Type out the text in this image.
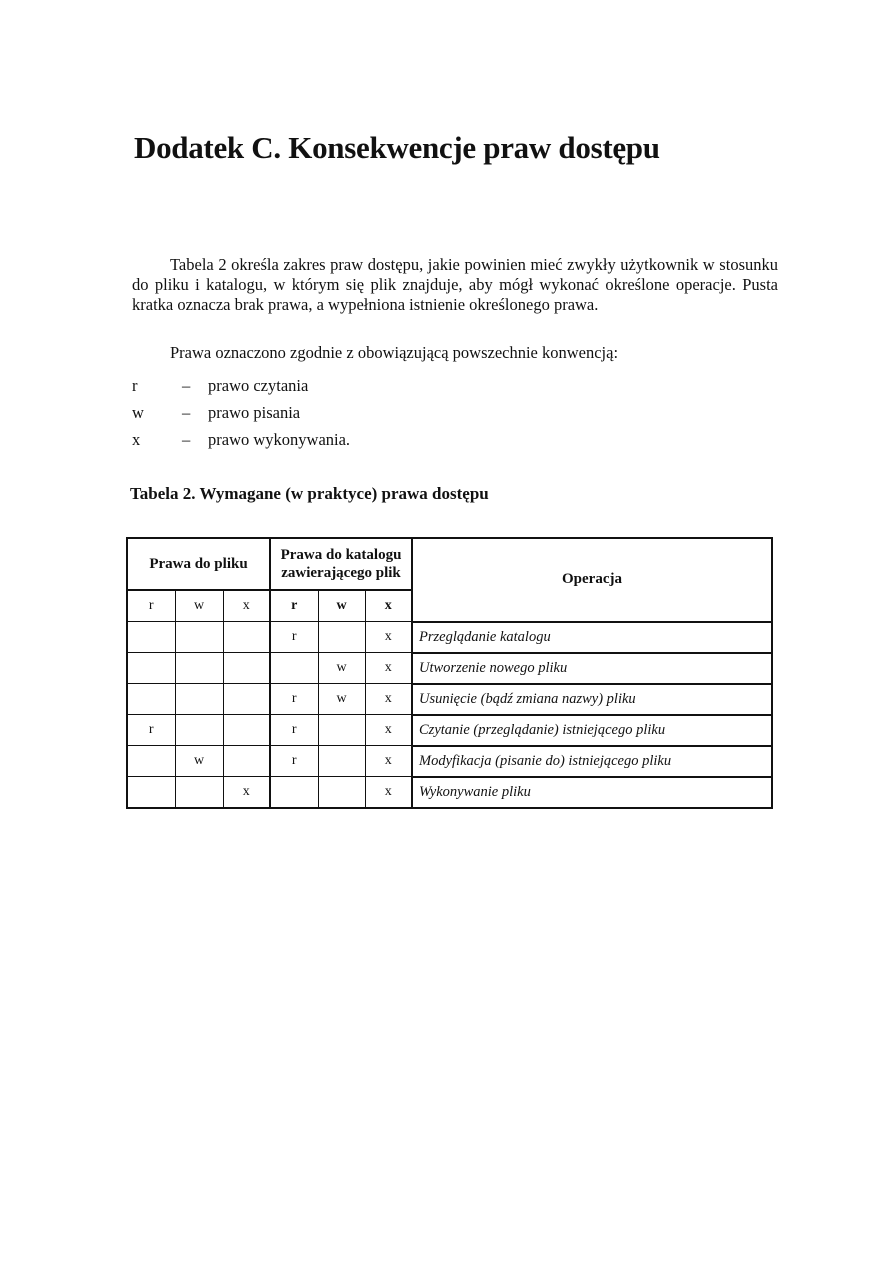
Dodatek C. Konsekwencje praw dostępu

Tabela 2 określa zakres praw dostępu, jakie powinien mieć zwykły użytkownik w stosunku do pliku i katalogu, w którym się plik znajduje, aby mógł wykonać określone operacje. Pusta kratka oznacza brak prawa, a wypełniona istnienie określonego prawa.

Prawa oznaczono zgodnie z obowiązującą powszechnie konwencją:

r	– prawo czytania
w – prawo pisania
x	– prawo wykonywania.
Tabela 2. Wymagane (w praktyce) prawa dostępu
Prawa do pliku			Prawa do katalogu zawierającego plik			Operacja
r	w	x	r	w	x	
			r		x	Przeglądanie katalogu
				w	x	Utworzenie nowego pliku
			r	w	x	Usunięcie (bądź zmiana nazwy) pliku
r			r		x	Czytanie (przeglądanie) istniejącego pliku
	w		r		x	Modyfikacja (pisanie do) istniejącego pliku
		x			x	Wykonywanie pliku
